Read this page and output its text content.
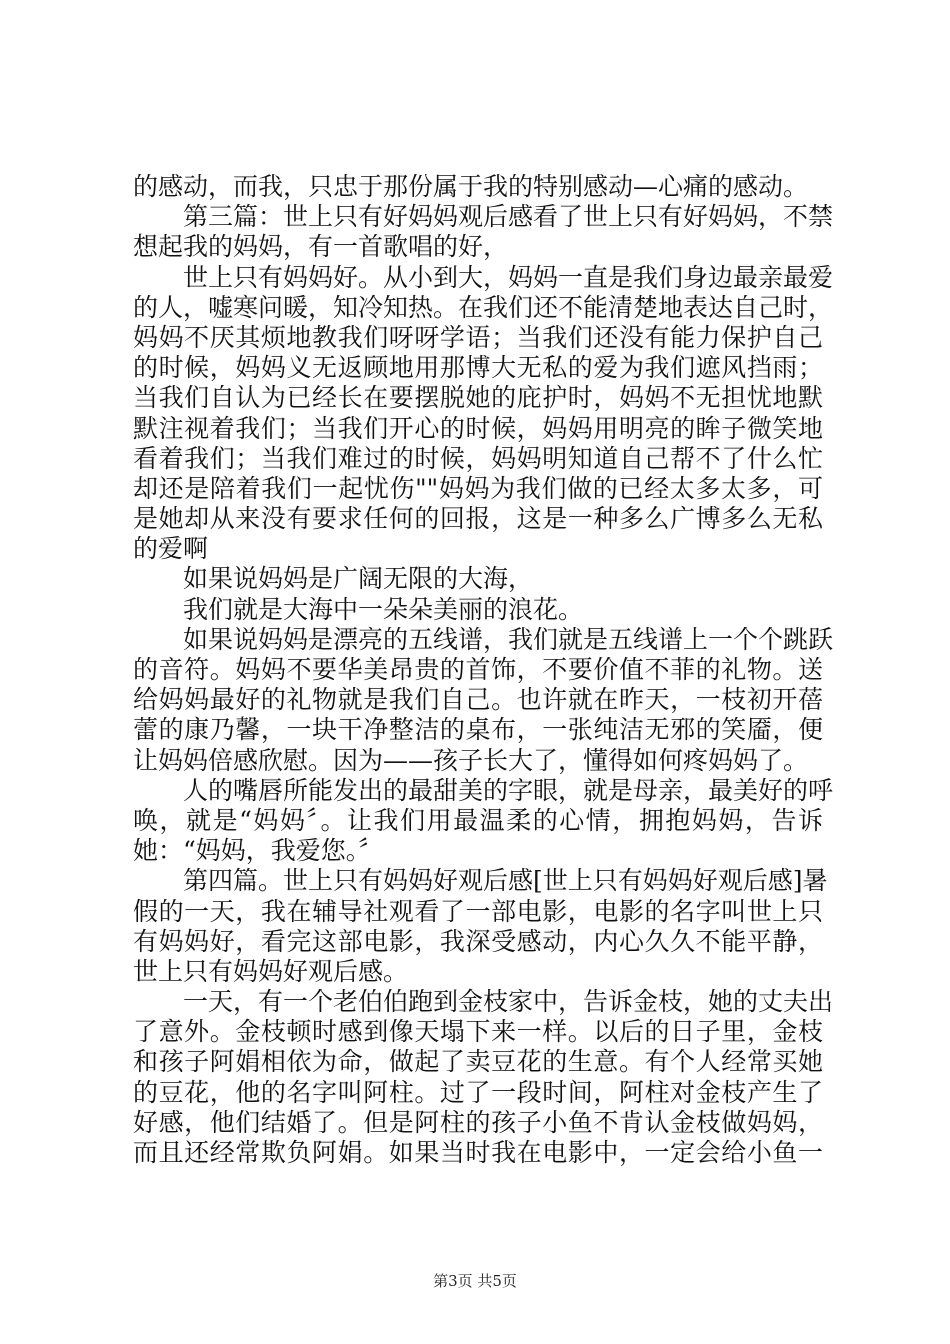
的感动，而我，只忠于那份属于我的特别感动—心痛的感动。
第三篇：世上只有好妈妈观后感看了世上只有好妈妈，不禁
想起我的妈妈，有一首歌唱的好，
世上只有妈妈好。从小到大，妈妈一直是我们身边最亲最爱
的人，嘘寒问暖，知冷知热。在我们还不能清楚地表达自己时，
妈妈不厌其烦地教我们呀呀学语；当我们还没有能力保护自己
的时候，妈妈义无返顾地用那博大无私的爱为我们遮风挡雨；
当我们自认为已经长在要摆脱她的庇护时，妈妈不无担忧地默
默注视着我们；当我们开心的时候，妈妈用明亮的眸子微笑地
看着我们；当我们难过的时候，妈妈明知道自己帮不了什么忙
却还是陪着我们一起忧伤""妈妈为我们做的已经太多太多，可
是她却从来没有要求任何的回报，这是一种多么广博多么无私
的爱啊
如果说妈妈是广阔无限的大海，
我们就是大海中一朵朵美丽的浪花。
如果说妈妈是漂亮的五线谱，我们就是五线谱上一个个跳跃
的音符。妈妈不要华美昂贵的首饰，不要价值不菲的礼物。送
给妈妈最好的礼物就是我们自己。也许就在昨天，一枝初开蓓
蕾的康乃馨，一块干净整洁的桌布，一张纯洁无邪的笑靥，便
让妈妈倍感欣慰。因为——孩子长大了，懂得如何疼妈妈了。
人的嘴唇所能发出的最甜美的字眼，就是母亲，最美好的呼
唤，就是“妈妈〞。让我们用最温柔的心情，拥抱妈妈，告诉
她：“妈妈，我爱您。〞
第四篇。世上只有妈妈好观后感[世上只有妈妈好观后感]暑
假的一天，我在辅导社观看了一部电影，电影的名字叫世上只
有妈妈好，看完这部电影，我深受感动，内心久久不能平静，
世上只有妈妈好观后感。
一天，有一个老伯伯跑到金枝家中，告诉金枝，她的丈夫出
了意外。金枝顿时感到像天塌下来一样。以后的日子里，金枝
和孩子阿娟相依为命，做起了卖豆花的生意。有个人经常买她
的豆花，他的名字叫阿柱。过了一段时间，阿柱对金枝产生了
好感，他们结婚了。但是阿柱的孩子小鱼不肯认金枝做妈妈，
而且还经常欺负阿娟。如果当时我在电影中，一定会给小鱼一
第3页 共5页
